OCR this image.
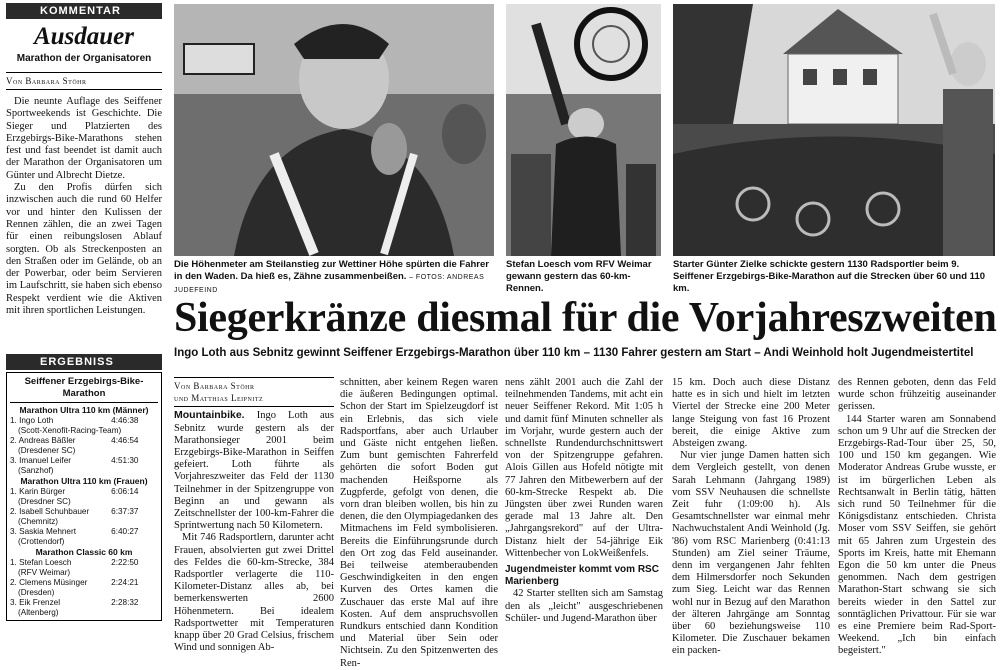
KOMMENTAR
Ausdauer
Marathon der Organisatoren
Von Barbara Stöhr

Die neunte Auflage des Seiffener Sportweekends ist Geschichte. Die Sieger und Platzierten des Erzgebirgs-Bike-Marathons stehen fest und fast beendet ist damit auch der Marathon der Organisatoren um Günter und Albrecht Dietze.

Zu den Profis dürfen sich inzwischen auch die rund 60 Helfer vor und hinter den Kulissen der Rennen zählen, die an zwei Tagen für einen reibungslosen Ablauf sorgten. Ob als Streckenposten an den Straßen oder im Gelände, ob an der Powerbar, oder beim Servieren im Laufschritt, sie haben sich ebenso Respekt verdient wie die Aktiven mit ihren sportlichen Leistungen.

ERGEBNISS
Seiffener Erzgebirgs-Bike-Marathon
Marathon Ultra 110 km (Männer)
1. Ingo Loth	4:46:38
(Scott-Xenofit-Racing-Team)
2. Andreas Bäßler	4:46:54
(Dresdener SC)
3. Imanuel Leifer	4:51:30
(Sanzhof)
Marathon Ultra 110 km (Frauen)
1. Karin Bürger	6:06:14
(Dresdner SC)
2. Isabell Schuhbauer	6:37:37
(Chemnitz)
3. Saskia Mehnert	6:40:27
(Crottendorf)
Marathon Classic 60 km
1. Stefan Loesch	2:22:50
(RFV Weimar)
2. Clemens Müsinger	2:24:21
(Dresden)
3. Eik Frenzel	2:28:32
(Altenberg)
Die Höhenmeter am Steilanstieg zur Wettiner Höhe spürten die Fahrer in den Waden. Da hieß es, Zähne zusammenbeißen. – FOTOS: ANDREAS JUDEFEIND
Stefan Loesch vom RFV Weimar gewann gestern das 60-km-Rennen.
Starter Günter Zielke schickte gestern 1130 Radsportler beim 9. Seiffener Erzgebirgs-Bike-Marathon auf die Strecken über 60 und 110 km.
Siegerkränze diesmal für die Vorjahreszweiten
Ingo Loth aus Sebnitz gewinnt Seiffener Erzgebirgs-Marathon über 110 km – 1130 Fahrer gestern am Start – Andi Weinhold holt Jugendmeistertitel
Von Barbara Stöhr
und Matthias Leipnitz

Mountainbike. Ingo Loth aus Sebnitz wurde gestern als der Marathonsieger 2001 beim Erzgebirgs-Bike-Marathon in Seiffen gefeiert. Loth führte als Vorjahreszweiter das Feld der 1130 Teilnehmer in der Spitzengruppe von Beginn an und gewann als Zeitschnellster der 100-km-Fahrer die Sprintwertung nach 50 Kilometern.

Mit 746 Radsportlern, darunter acht Frauen, absolvierten gut zwei Drittel des Feldes die 60-km-Strecke, 384 Radsportler verlagerte die 110-Kilometer-Distanz alles ab, bei bemerkenswerten 2600 Höhenmetern. Bei idealem Radsportwetter mit Temperaturen knapp über 20 Grad Celsius, frischem Wind und sonnigen Ab-

schnitten, aber keinem Regen waren die äußeren Bedingungen optimal. Schon der Start im Spielzeugdorf ist ein Erlebnis, das sich viele Radsportfans, aber auch Urlauber und Gäste nicht entgehen ließen. Zum bunt gemischten Fahrerfeld gehörten die sofort Boden gut machenden Heißsporne als Zugpferde, gefolgt von denen, die vorn dran bleiben wollen, bis hin zu denen, die den Olympiagedanken des Mitmachens im Feld symbolisieren. Bereits die Einführungsrunde durch den Ort zog das Feld auseinander. Bei teilweise atemberaubenden Geschwindigkeiten in den engen Kurven des Ortes kamen die Zuschauer das erste Mal auf ihre Kosten. Auf dem anspruchsvollen Rundkurs entschied dann Kondition und Material über Sein oder Nichtsein. Zu den Spitzenwerten des Ren-

nens zählt 2001 auch die Zahl der teilnehmenden Tandems, mit acht ein neuer Seiffener Rekord. Mit 1:05 h und damit fünf Minuten schneller als im Vorjahr, wurde gestern auch der schnellste Rundendurchschnittswert von der Spitzengruppe gefahren. Alois Gillen aus Hofeld nötigte mit 77 Jahren den Mitbewerbern auf der 60-km-Strecke Respekt ab. Die Jüngsten über zwei Runden waren gerade mal 13 Jahre alt. Den „Jahrgangsrekord" auf der Ultra-Distanz hielt der 54-jährige Eik Wittenbecher von LokWeißenfels.

Jugendmeister kommt vom RSC Marienberg

42 Starter stellten sich am Samstag den als „leicht" ausgeschriebenen Schüler- und Jugend-Marathon über

15 km. Doch auch diese Distanz hatte es in sich und hielt im letzten Viertel der Strecke eine 200 Meter lange Steigung von fast 16 Prozent bereit, die einige Aktive zum Absteigen zwang.

Nur vier junge Damen hatten sich dem Vergleich gestellt, von denen Sarah Lehmann (Jahrgang 1989) vom SSV Neuhausen die schnellste Zeit fuhr (1:09:00 h). Als Gesamtschnellster war einmal mehr Nachwuchstalent Andi Weinhold (Jg. '86) vom RSC Marienberg (0:41:13 Stunden) am Ziel seiner Träume, denn im vergangenen Jahr fehlten dem Hilmersdorfer noch Sekunden zum Sieg. Leicht war das Rennen wohl nur in Bezug auf den Marathon der älteren Jahrgänge am Sonntag über 60 beziehungsweise 110 Kilometer. Die Zuschauer bekamen ein packen-

des Rennen geboten, denn das Feld wurde schon frühzeitig auseinander gerissen.

144 Starter waren am Sonnabend schon um 9 Uhr auf die Strecken der Erzgebirgs-Rad-Tour über 25, 50, 100 und 150 km gegangen. Wie Moderator Andreas Grube wusste, er ist im bürgerlichen Leben als Rechtsanwalt in Berlin tätig, hätten sich rund 50 Teilnehmer für die Königsdistanz entschieden. Christa Moser vom SSV Seiffen, sie gehört mit 65 Jahren zum Urgestein des Sports im Kreis, hatte mit Ehemann Egon die 50 km unter die Pneus genommen. Nach dem gestrigen Marathon-Start schwang sie sich bereits wieder in den Sattel zur sonntäglichen Privattour. Für sie war es eine Premiere beim Rad-Sport-Weekend. „Ich bin einfach begeistert."
